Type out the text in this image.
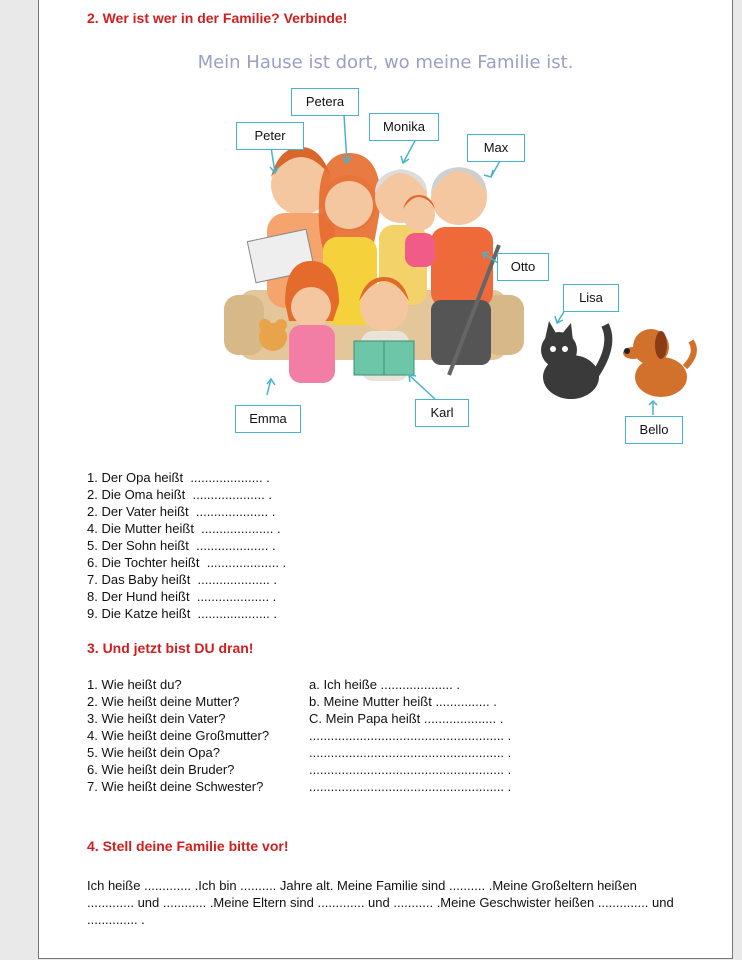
2. Wer ist wer in der Familie? Verbinde!
Mein Hause ist dort, wo meine Familie ist.
Petera
Peter
Monika
Max
Otto
Lisa
Emma	Karl
Bello
1. Der Opa heißt  .................... .
2. Die Oma heißt  .................... .
2. Der Vater heißt  .................... .
4. Die Mutter heißt  .................... .
5. Der Sohn heißt  .................... .
6. Die Tochter heißt  .................... .
7. Das Baby heißt  .................... .
8. Der Hund heißt  .................... .
9. Die Katze heißt  .................... .
3. Und jetzt bist DU dran!
1. Wie heißt du?
2. Wie heißt deine Mutter?
3. Wie heißt dein Vater?
4. Wie heißt deine Großmutter?
5. Wie heißt dein Opa?
6. Wie heißt dein Bruder?
7. Wie heißt deine Schwester?
a. Ich heiße .................... .
b. Meine Mutter heißt ............... .
C. Mein Papa heißt .................... .
...................................................... .
...................................................... .
...................................................... .
...................................................... .
4. Stell deine Familie bitte vor!
Ich heiße ............. .Ich bin .......... Jahre alt. Meine Familie sind .......... .Meine Großeltern heißen ............. und ............ .Meine Eltern sind ............. und ........... .Meine Geschwister heißen .............. und .............. .
